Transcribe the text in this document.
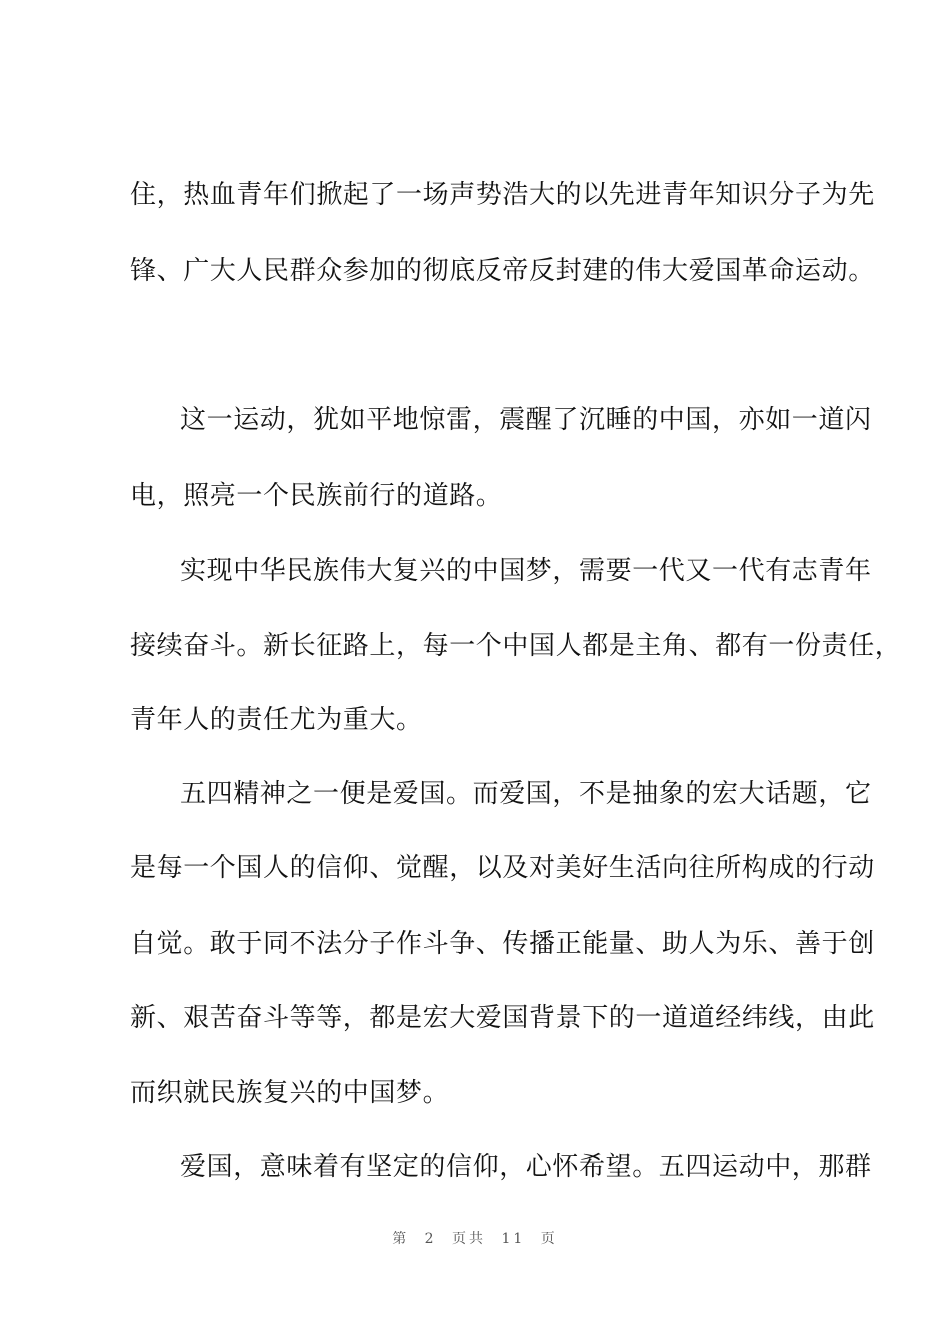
住，热血青年们掀起了一场声势浩大的以先进青年知识分子为先
锋、广大人民群众参加的彻底反帝反封建的伟大爱国革命运动。
这一运动，犹如平地惊雷，震醒了沉睡的中国，亦如一道闪
电，照亮一个民族前行的道路。
实现中华民族伟大复兴的中国梦，需要一代又一代有志青年
接续奋斗。新长征路上，每一个中国人都是主角、都有一份责任，
青年人的责任尤为重大。
五四精神之一便是爱国。而爱国，不是抽象的宏大话题，它
是每一个国人的信仰、觉醒，以及对美好生活向往所构成的行动
自觉。敢于同不法分子作斗争、传播正能量、助人为乐、善于创
新、艰苦奋斗等等，都是宏大爱国背景下的一道道经纬线，由此
而织就民族复兴的中国梦。
爱国，意味着有坚定的信仰，心怀希望。五四运动中，那群
第 2 页共 11 页
